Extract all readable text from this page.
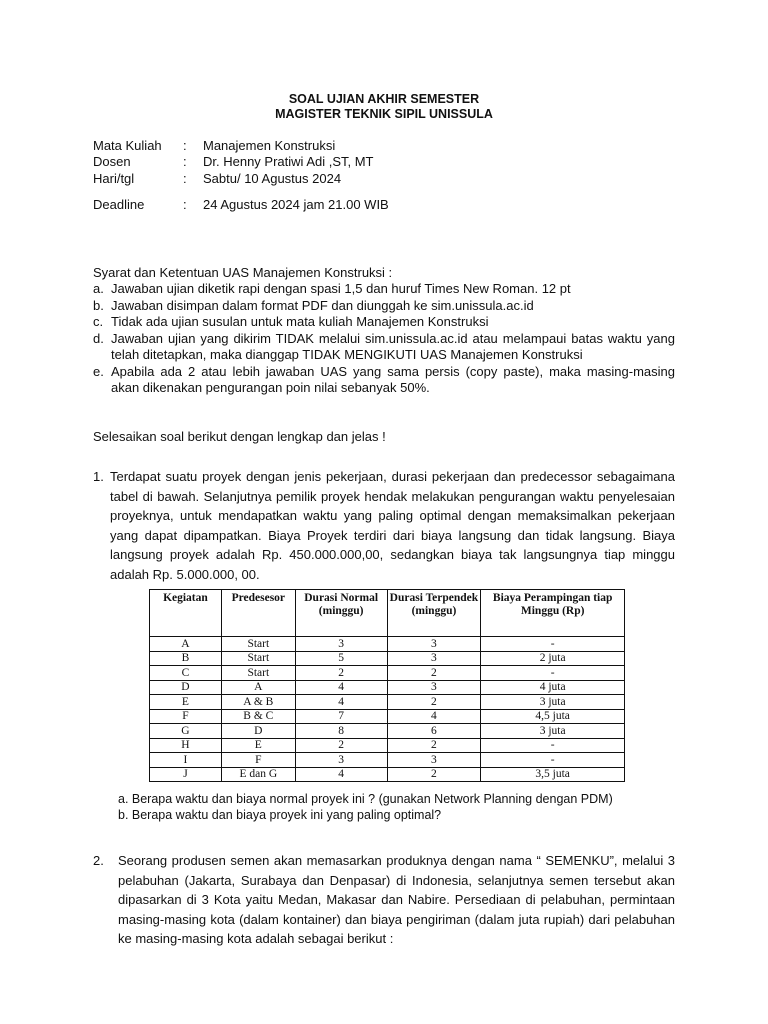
SOAL UJIAN AKHIR SEMESTER
MAGISTER TEKNIK SIPIL UNISSULA
Mata Kuliah : Manajemen Konstruksi
Dosen	: Dr. Henny Pratiwi Adi ,ST, MT
Hari/tgl	: Sabtu/ 10 Agustus 2024
Deadline	: 24 Agustus 2024 jam 21.00 WIB
Syarat dan Ketentuan UAS Manajemen Konstruksi :
a. Jawaban ujian diketik rapi dengan spasi 1,5 dan huruf Times New Roman. 12 pt
b. Jawaban disimpan dalam format PDF dan diunggah ke sim.unissula.ac.id
c. Tidak ada ujian susulan untuk mata kuliah Manajemen Konstruksi
d. Jawaban ujian yang dikirim TIDAK melalui sim.unissula.ac.id atau melampaui batas waktu yang telah ditetapkan, maka dianggap TIDAK MENGIKUTI UAS Manajemen Konstruksi
e. Apabila ada 2 atau lebih jawaban UAS yang sama persis (copy paste), maka masing-masing akan dikenakan pengurangan poin nilai sebanyak 50%.
Selesaikan soal berikut dengan lengkap dan jelas !
1. Terdapat suatu proyek dengan jenis pekerjaan, durasi pekerjaan dan predecessor sebagaimana tabel di bawah. Selanjutnya pemilik proyek hendak melakukan pengurangan waktu penyelesaian proyeknya, untuk mendapatkan waktu yang paling optimal dengan memaksimalkan pekerjaan yang dapat dipampatkan. Biaya Proyek terdiri dari biaya langsung dan tidak langsung. Biaya langsung proyek adalah Rp. 450.000.000,00, sedangkan biaya tak langsungnya tiap minggu adalah Rp. 5.000.000, 00.
Kegiatan	Predesesor	Durasi Normal (minggu)	Durasi Terpendek (minggu)	Biaya Perampingan tiap Minggu (Rp)
A	Start	3	3	-
B	Start	5	3	2 juta
C	Start	2	2	-
D	A	4	3	4 juta
E	A & B	4	2	3 juta
F	B & C	7	4	4,5 juta
G	D	8	6	3 juta
H	E	2	2	-
I	F	3	3	-
J	E dan G	4	2	3,5 juta
a. Berapa waktu dan biaya normal proyek ini ? (gunakan Network Planning dengan PDM)
b. Berapa waktu dan biaya proyek ini yang paling optimal?
2. Seorang produsen semen akan memasarkan produknya dengan nama “ SEMENKU”, melalui 3 pelabuhan (Jakarta, Surabaya dan Denpasar) di Indonesia, selanjutnya semen tersebut akan dipasarkan di 3 Kota yaitu Medan, Makasar dan Nabire. Persediaan di pelabuhan, permintaan masing-masing kota (dalam kontainer) dan biaya pengiriman (dalam juta rupiah) dari pelabuhan ke masing-masing kota adalah sebagai berikut :
